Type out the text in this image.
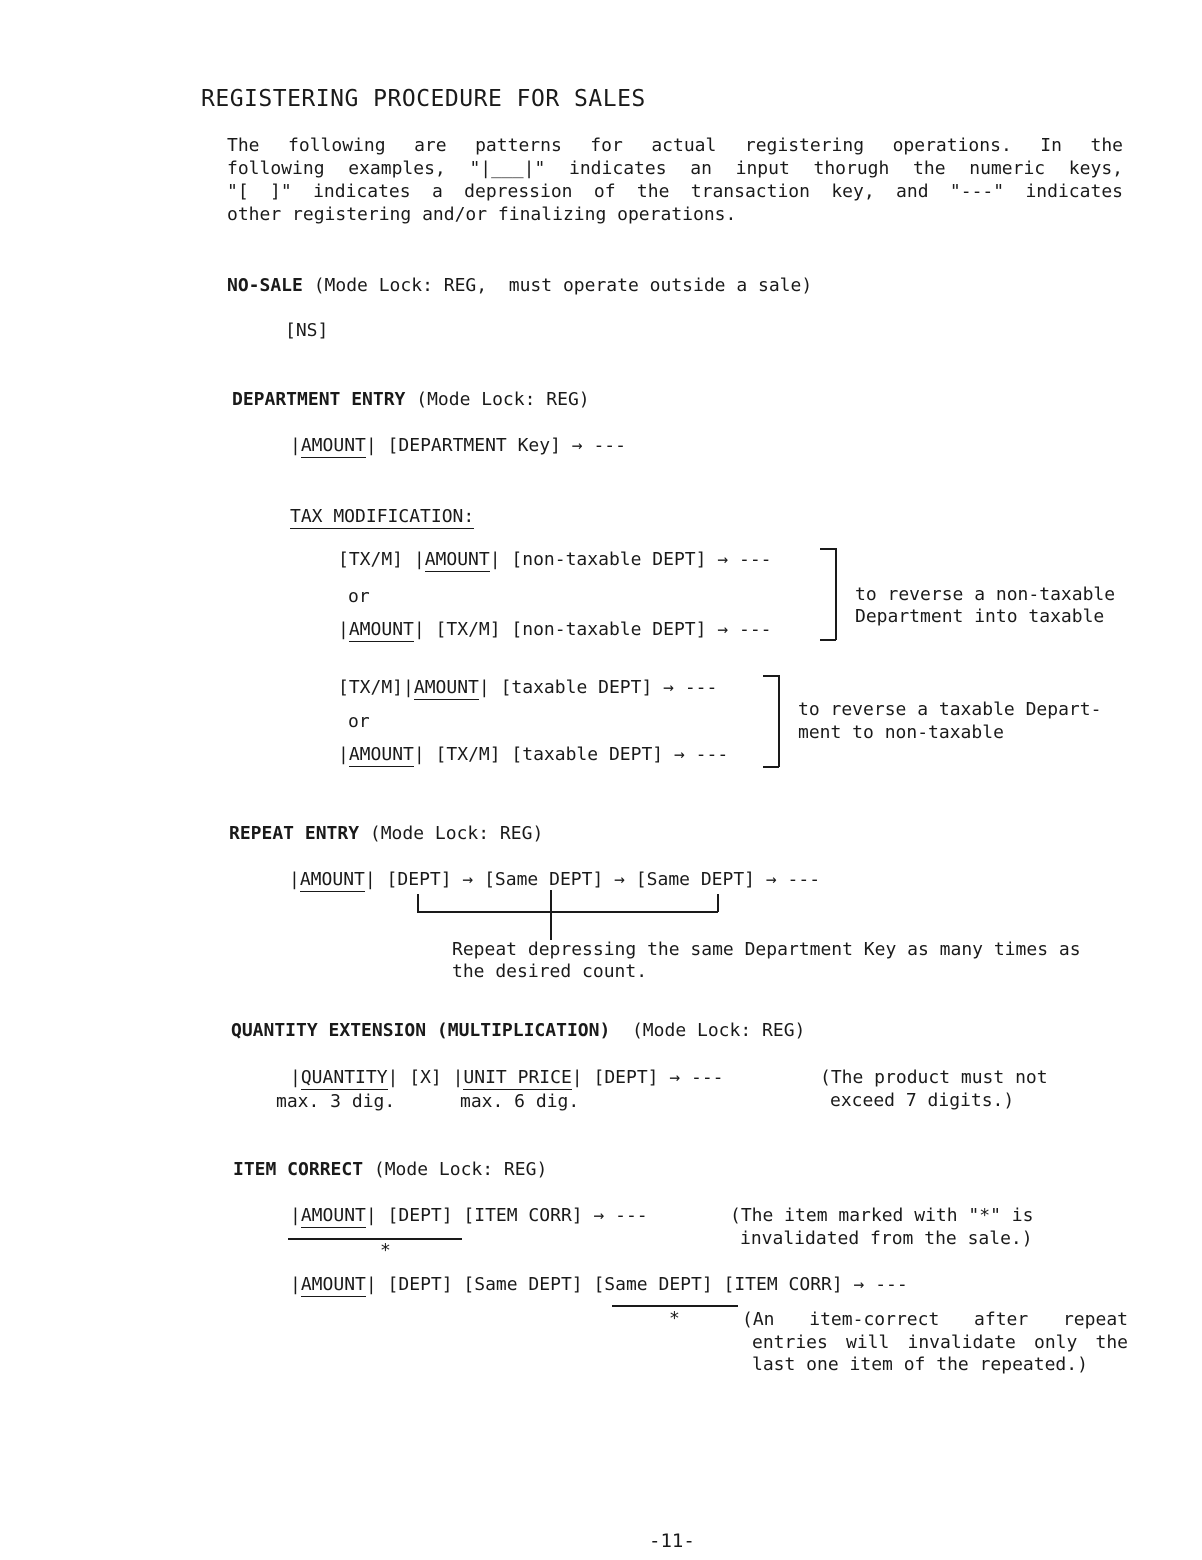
REGISTERING PROCEDURE FOR SALES
The following are patterns for actual registering operations. In the
following examples, "|___|" indicates an input thorugh the numeric keys,
"[ ]" indicates a depression of the transaction key, and "---" indicates
other registering and/or finalizing operations.
NO-SALE (Mode Lock: REG,  must operate outside a sale)
[NS]
DEPARTMENT ENTRY (Mode Lock: REG)
|AMOUNT| [DEPARTMENT Key] → ---
TAX MODIFICATION:
[TX/M] |AMOUNT| [non-taxable DEPT] → ---
or
|AMOUNT| [TX/M] [non-taxable DEPT] → ---
to reverse a non-taxable
Department into taxable
[TX/M]|AMOUNT| [taxable DEPT] → ---
or
|AMOUNT| [TX/M] [taxable DEPT] → ---
to reverse a taxable Depart-
ment to non-taxable
REPEAT ENTRY (Mode Lock: REG)
|AMOUNT| [DEPT] → [Same DEPT] → [Same DEPT] → ---
Repeat depressing the same Department Key as many times as
the desired count.
QUANTITY EXTENSION (MULTIPLICATION)  (Mode Lock: REG)
|QUANTITY| [X] |UNIT PRICE| [DEPT] → ---
max. 3 dig.	max. 6 dig.
(The product must not
exceed 7 digits.)
ITEM CORRECT (Mode Lock: REG)
|AMOUNT| [DEPT] [ITEM CORR] → ---
*
(The item marked with "*" is
invalidated from the sale.)
|AMOUNT| [DEPT] [Same DEPT] [Same DEPT] [ITEM CORR] → ---
*	(An item-correct after repeat
entries will invalidate only the
last one item of the repeated.)
-11-
